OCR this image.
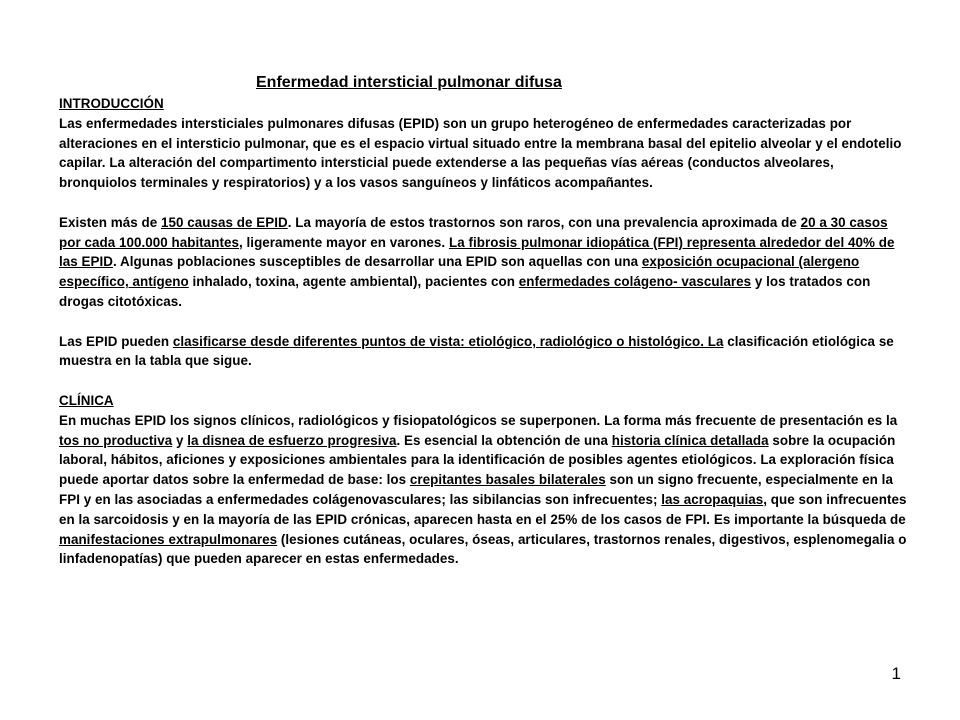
Enfermedad intersticial pulmonar difusa

INTRODUCCIÓN

Las enfermedades intersticiales pulmonares difusas (EPID) son un grupo heterogéneo de enfermedades caracterizadas por alteraciones en el intersticio pulmonar, que es el espacio virtual situado entre la membrana basal del epitelio alveolar y el endotelio capilar. La alteración del compartimento intersticial puede extenderse a las pequeñas vías aéreas (conductos alveolares, bronquiolos terminales y respiratorios) y a los vasos sanguíneos y linfáticos acompañantes.

Existen más de 150 causas de EPID. La mayoría de estos trastornos son raros, con una prevalencia aproximada de 20 a 30 casos por cada 100.000 habitantes, ligeramente mayor en varones. La fibrosis pulmonar idiopática (FPI) representa alrededor del 40% de las EPID. Algunas poblaciones susceptibles de desarrollar una EPID son aquellas con una exposición ocupacional (alergeno específico, antígeno inhalado, toxina, agente ambiental), pacientes con enfermedades colágeno- vasculares y los tratados con drogas citotóxicas.

Las EPID pueden clasificarse desde diferentes puntos de vista: etiológico, radiológico o histológico. La clasificación etiológica se muestra en la tabla que sigue.

CLÍNICA

En muchas EPID los signos clínicos, radiológicos y fisiopatológicos se superponen. La forma más frecuente de presentación es la tos no productiva y la disnea de esfuerzo progresiva. Es esencial la obtención de una historia clínica detallada sobre la ocupación laboral, hábitos, aficiones y exposiciones ambientales para la identificación de posibles agentes etiológicos. La exploración física puede aportar datos sobre la enfermedad de base: los crepitantes basales bilaterales son un signo frecuente, especialmente en la FPI y en las asociadas a enfermedades colágenovasculares; las sibilancias son infrecuentes; las acropaquias, que son infrecuentes en la sarcoidosis y en la mayoría de las EPID crónicas, aparecen hasta en el 25% de los casos de FPI. Es importante la búsqueda de manifestaciones extrapulmonares (lesiones cutáneas, oculares, óseas, articulares, trastornos renales, digestivos, esplenomegalia o linfadenopatías) que pueden aparecer en estas enfermedades.

1
